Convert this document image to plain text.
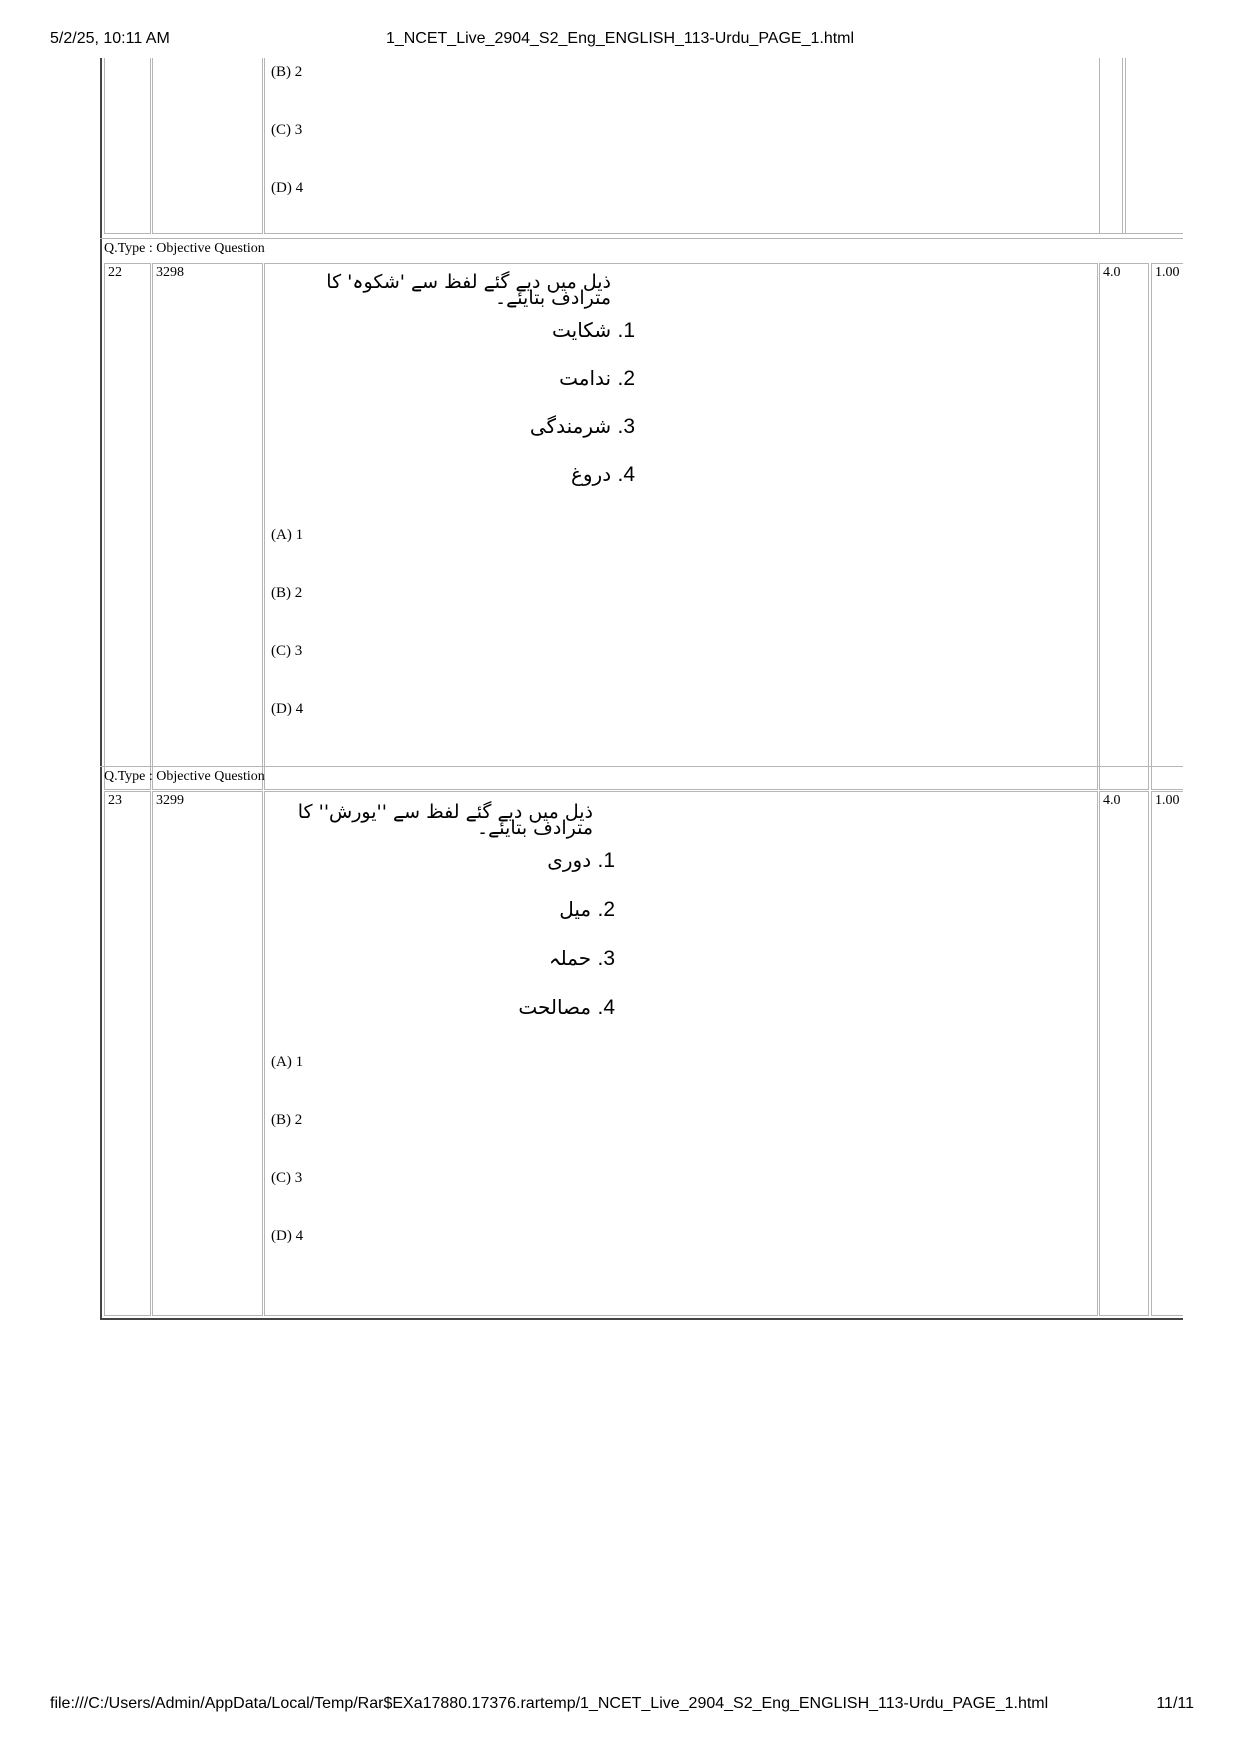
5/2/25, 10:11 AM	1_NCET_Live_2904_S2_Eng_ENGLISH_113-Urdu_PAGE_1.html
(B) 2
(C) 3
(D) 4
Q.Type : Objective Question
22	3298	ذیل میں دیے گئے لفظ سے 'شکوہ' کا مترادف بتایئے۔
1. شکایت
2. ندامت
3. شرمندگی
4. دروغ
(A) 1
(B) 2
(C) 3
(D) 4
4.0	1.00
Q.Type : Objective Question
23	3299
ذیل میں دیے گئے لفظ سے ''یورش'' کا مترادف بتایئے۔
1. دوری
2. میل
3. حملہ
4. مصالحت
(A) 1
(B) 2
(C) 3
(D) 4
4.0	1.00
file:///C:/Users/Admin/AppData/Local/Temp/Rar$EXa17880.17376.rartemp/1_NCET_Live_2904_S2_Eng_ENGLISH_113-Urdu_PAGE_1.html	11/11
